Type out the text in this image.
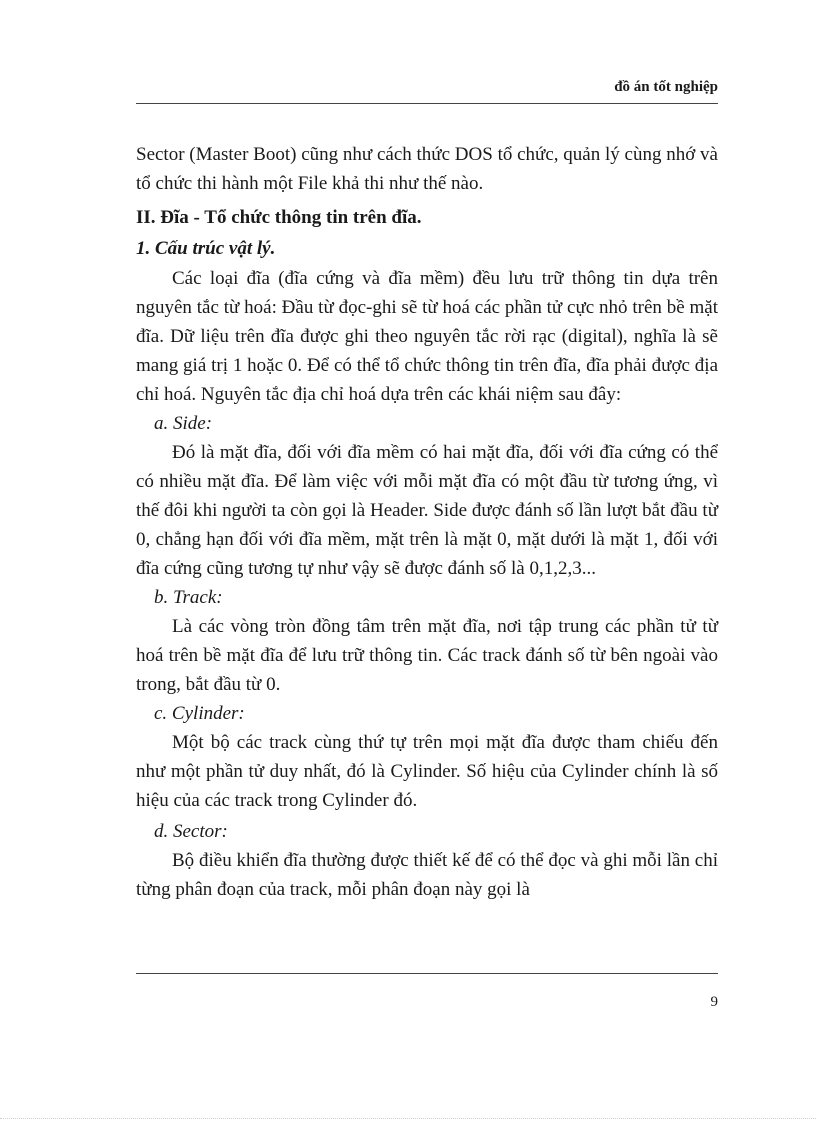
đồ án tốt nghiệp

Sector (Master Boot) cũng như cách thức DOS tổ chức, quản lý cùng nhớ và tổ chức thi hành một File khả thi như thế nào.

II. Đĩa - Tổ chức thông tin trên đĩa.

1. Cấu trúc vật lý.

Các loại đĩa (đĩa cứng và đĩa mềm) đều lưu trữ thông tin dựa trên nguyên tắc từ hoá: Đầu từ đọc-ghi sẽ từ hoá các phần tử cực nhỏ trên bề mặt đĩa. Dữ liệu trên đĩa được ghi theo nguyên tắc rời rạc (digital), nghĩa là sẽ mang giá trị 1 hoặc 0. Để có thể tổ chức thông tin trên đĩa, đĩa phải được địa chỉ hoá. Nguyên tắc địa chỉ hoá dựa trên các khái niệm sau đây:

a. Side:

Đó là mặt đĩa, đối với đĩa mềm có hai mặt đĩa, đối với đĩa cứng có thể có nhiều mặt đĩa. Để làm việc với mỗi mặt đĩa có một đầu từ tương ứng, vì thế đôi khi người ta còn gọi là Header. Side được đánh số lần lượt bắt đầu từ 0, chẳng hạn đối với đĩa mềm, mặt trên là mặt 0, mặt dưới là mặt 1, đối với đĩa cứng cũng tương tự như vậy sẽ được đánh số là 0,1,2,3...

b. Track:

Là các vòng tròn đồng tâm trên mặt đĩa, nơi tập trung các phần tử từ hoá trên bề mặt đĩa để lưu trữ thông tin. Các track đánh số từ bên ngoài vào trong, bắt đầu từ 0.

c. Cylinder:

Một bộ các track cùng thứ tự trên mọi mặt đĩa được tham chiếu đến như một phần tử duy nhất, đó là Cylinder. Số hiệu của Cylinder chính là số hiệu của các track trong Cylinder đó.

d. Sector:

Bộ điều khiển đĩa thường được thiết kế để có thể đọc và ghi mỗi lần chỉ từng phân đoạn của track, mỗi phân đoạn này gọi là

9
